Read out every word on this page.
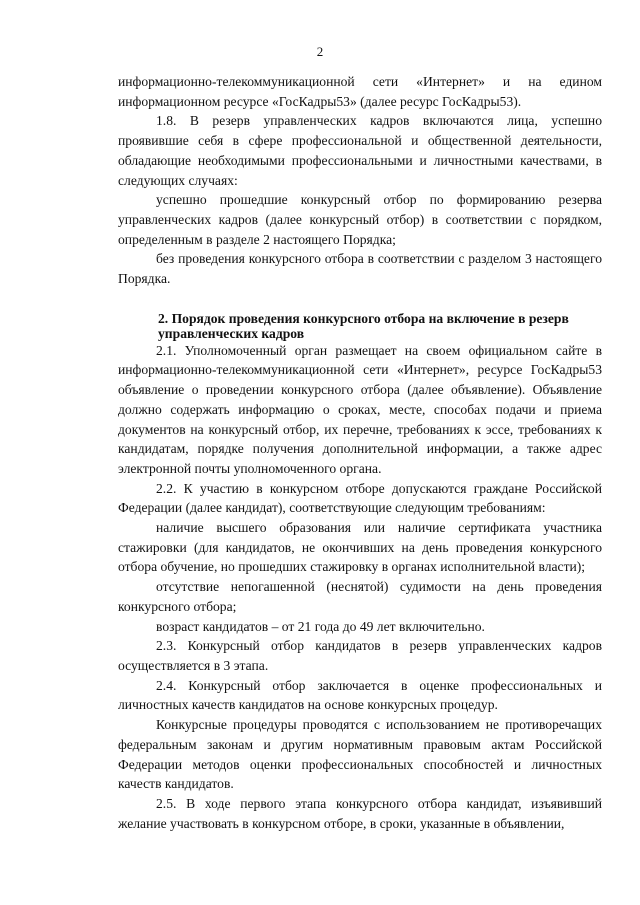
2

информационно-телекоммуникационной сети «Интернет» и на едином информационном ресурсе «ГосКадры53» (далее ресурс ГосКадры53).

1.8. В резерв управленческих кадров включаются лица, успешно проявившие себя в сфере профессиональной и общественной деятельности, обладающие необходимыми профессиональными и личностными качествами, в следующих случаях:

успешно прошедшие конкурсный отбор по формированию резерва управленческих кадров (далее конкурсный отбор) в соответствии с порядком, определенным в разделе 2 настоящего Порядка;

без проведения конкурсного отбора в соответствии с разделом 3 настоящего Порядка.

2. Порядок проведения конкурсного отбора на включение в резерв
управленческих кадров

2.1. Уполномоченный орган размещает на своем официальном сайте в информационно-телекоммуникационной сети «Интернет», ресурсе ГосКадры53 объявление о проведении конкурсного отбора (далее объявление). Объявление должно содержать информацию о сроках, месте, способах подачи и приема документов на конкурсный отбор, их перечне, требованиях к эссе, требованиях к кандидатам, порядке получения дополнительной информации, а также адрес электронной почты уполномоченного органа.

2.2. К участию в конкурсном отборе допускаются граждане Российской Федерации (далее кандидат), соответствующие следующим требованиям:

наличие высшего образования или наличие сертификата участника стажировки (для кандидатов, не окончивших на день проведения конкурсного отбора обучение, но прошедших стажировку в органах исполнительной власти);

отсутствие непогашенной (неснятой) судимости на день проведения конкурсного отбора;

возраст кандидатов – от 21 года до 49 лет включительно.

2.3. Конкурсный отбор кандидатов в резерв управленческих кадров осуществляется в 3 этапа.

2.4. Конкурсный отбор заключается в оценке профессиональных и личностных качеств кандидатов на основе конкурсных процедур.

Конкурсные процедуры проводятся с использованием не противоречащих федеральным законам и другим нормативным правовым актам Российской Федерации методов оценки профессиональных способностей и личностных качеств кандидатов.

2.5. В ходе первого этапа конкурсного отбора кандидат, изъявивший желание участвовать в конкурсном отборе, в сроки, указанные в объявлении,
